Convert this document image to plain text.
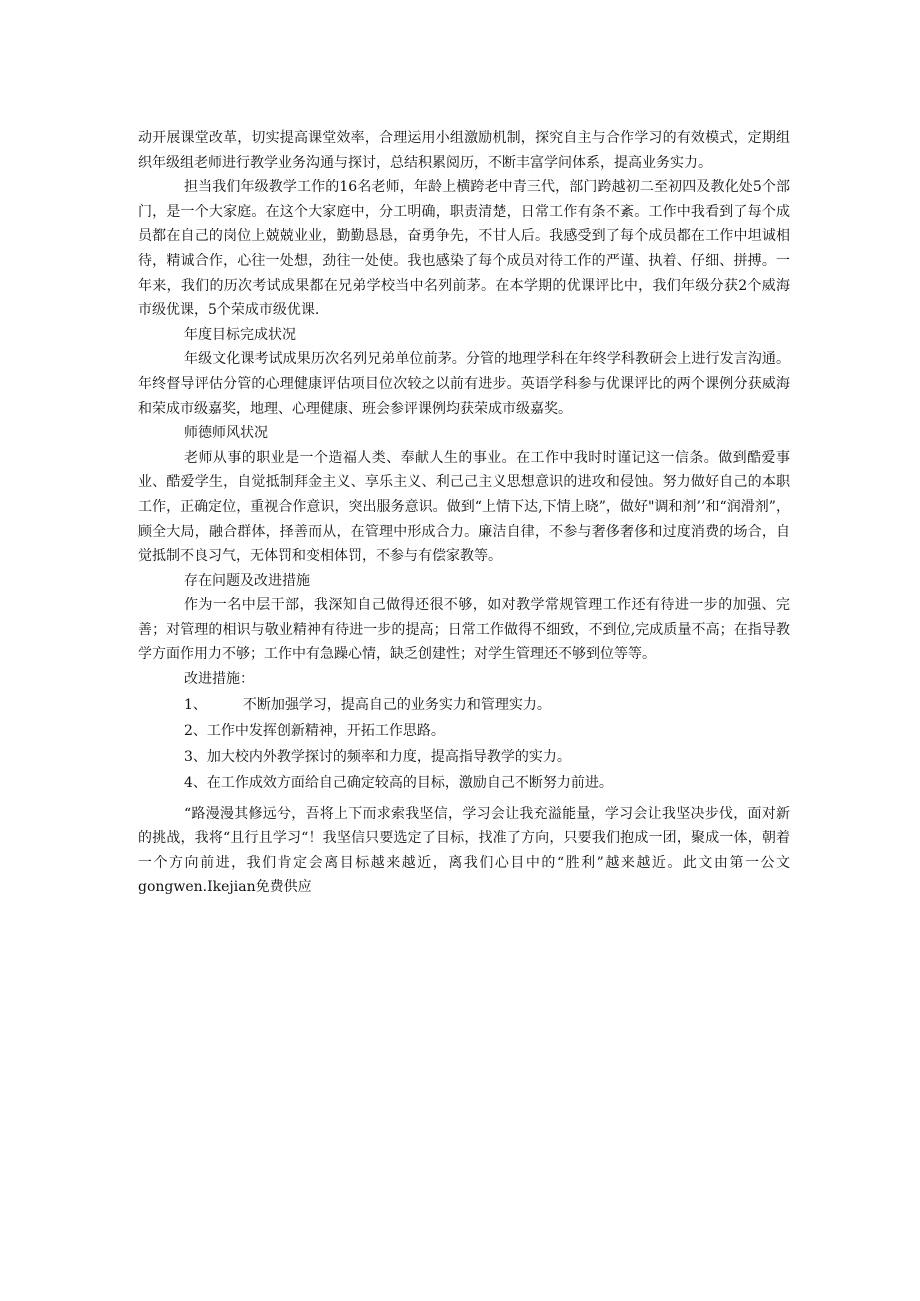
动开展课堂改革，切实提高课堂效率，合理运用小组激励机制，探究自主与合作学习的有效模式，定期组织年级组老师进行教学业务沟通与探讨，总结积累阅历，不断丰富学问体系，提高业务实力。

担当我们年级教学工作的16名老师，年龄上横跨老中青三代，部门跨越初二至初四及教化处5个部门，是一个大家庭。在这个大家庭中，分工明确，职责清楚，日常工作有条不紊。工作中我看到了每个成员都在自己的岗位上兢兢业业，勤勤恳恳，奋勇争先，不甘人后。我感受到了每个成员都在工作中坦诚相待，精诚合作，心往一处想，劲往一处使。我也感染了每个成员对待工作的严谨、执着、仔细、拼搏。一年来，我们的历次考试成果都在兄弟学校当中名列前茅。在本学期的优课评比中，我们年级分获2个威海市级优课，5个荣成市级优课.

年度目标完成状况

年级文化课考试成果历次名列兄弟单位前茅。分管的地理学科在年终学科教研会上进行发言沟通。年终督导评估分管的心理健康评估项目位次较之以前有进步。英语学科参与优课评比的两个课例分获威海和荣成市级嘉奖，地理、心理健康、班会参评课例均获荣成市级嘉奖。

师德师风状况

老师从事的职业是一个造福人类、奉献人生的事业。在工作中我时时谨记这一信条。做到酷爱事业、酷爱学生，自觉抵制拜金主义、享乐主义、利己己主义思想意识的进攻和侵蚀。努力做好自己的本职工作，正确定位，重视合作意识，突出服务意识。做到“上情下达,下情上晓”，做好"调和剂’’和“润滑剂”，顾全大局，融合群体，择善而从，在管理中形成合力。廉洁自律，不参与奢侈奢侈和过度消费的场合，自觉抵制不良习气，无体罚和变相体罚，不参与有偿家教等。

存在问题及改进措施

作为一名中层干部，我深知自己做得还很不够，如对教学常规管理工作还有待进一步的加强、完善；对管理的相识与敬业精神有待进一步的提高；日常工作做得不细致，不到位,完成质量不高；在指导教学方面作用力不够；工作中有急躁心情，缺乏创建性；对学生管理还不够到位等等。

改进措施：

1、	不断加强学习，提高自己的业务实力和管理实力。

2、工作中发挥创新精神，开拓工作思路。

3、加大校内外教学探讨的频率和力度，提高指导教学的实力。

4、在工作成效方面给自己确定较高的目标，激励自己不断努力前进。

“路漫漫其修远兮，吾将上下而求索我坚信，学习会让我充溢能量，学习会让我坚决步伐，面对新的挑战，我将“且行且学习“！我坚信只要选定了目标，找准了方向，只要我们抱成一团，聚成一体，朝着一个方向前进，我们肯定会离目标越来越近，离我们心目中的“胜利”越来越近。此文由第一公文gongwen.Ikejian免费供应
